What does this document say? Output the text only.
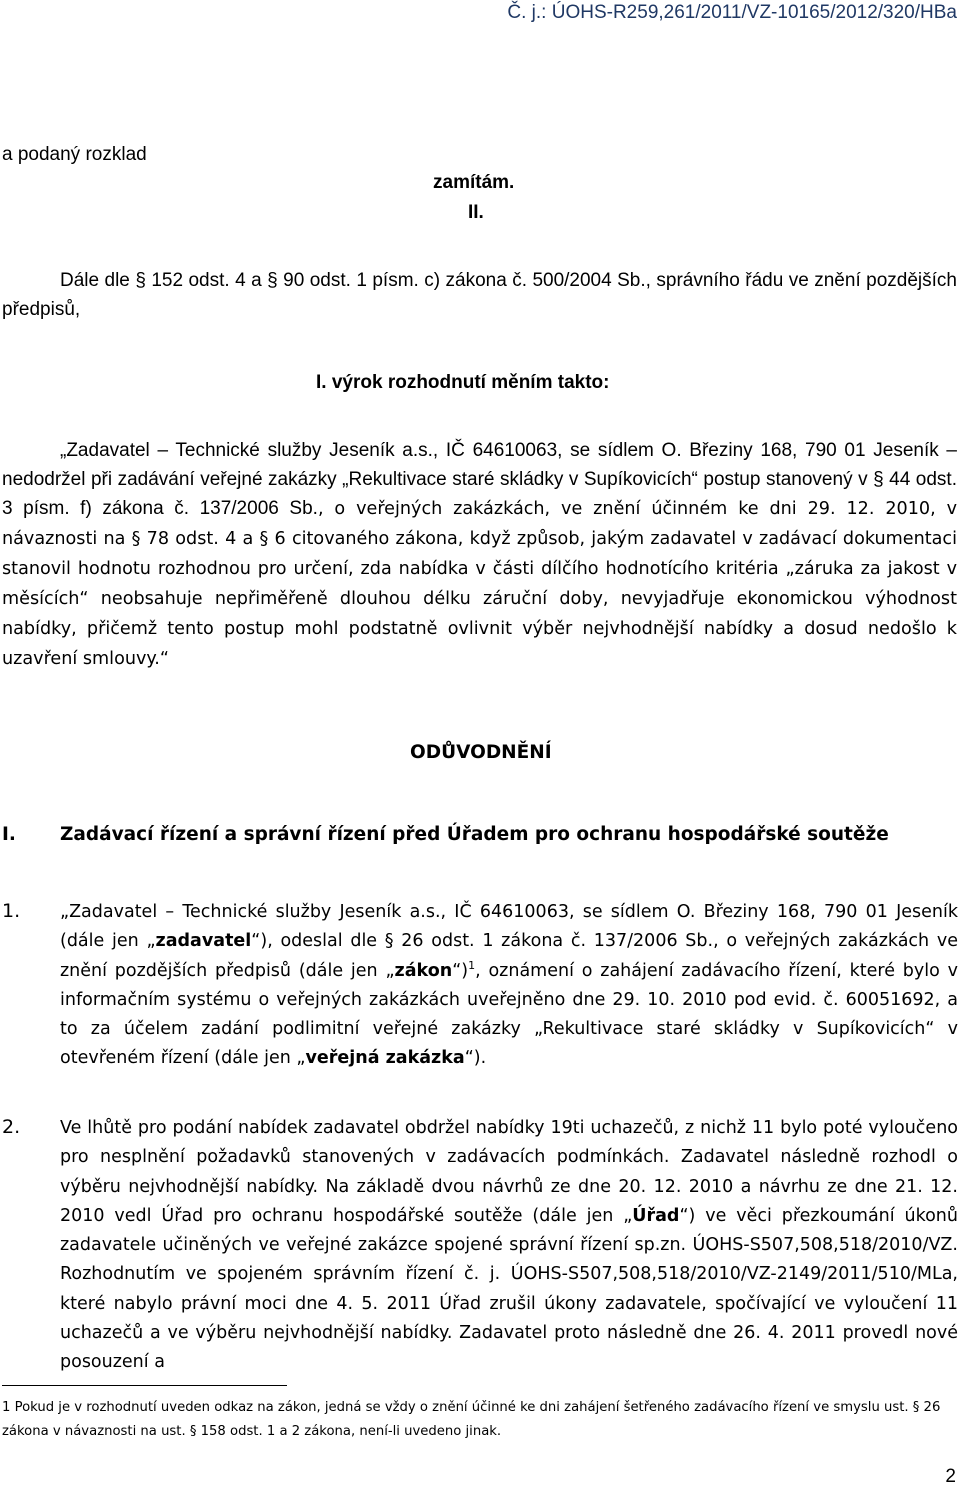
Č. j.: ÚOHS-R259,261/2011/VZ-10165/2012/320/HBa

a podaný rozklad

zamítám.
II.

Dále dle § 152 odst. 4 a § 90 odst. 1 písm. c) zákona č. 500/2004 Sb., správního řádu ve znění pozdějších předpisů,

I. výrok rozhodnutí měním takto:

„Zadavatel – Technické služby Jeseník a.s., IČ 64610063, se sídlem O. Březiny 168, 790 01 Jeseník – nedodržel při zadávání veřejné zakázky „Rekultivace staré skládky v Supíkovicích“ postup stanovený v § 44 odst. 3 písm. f) zákona č. 137/2006 Sb., o veřejných zakázkách, ve znění účinném ke dni 29. 12. 2010, v návaznosti na § 78 odst. 4 a § 6 citovaného zákona, když způsob, jakým zadavatel v zadávací dokumentaci stanovil hodnotu rozhodnou pro určení, zda nabídka v části dílčího hodnotícího kritéria „záruka za jakost v měsících“ neobsahuje nepřiměřeně dlouhou délku záruční doby, nevyjadřuje ekonomickou výhodnost nabídky, přičemž tento postup mohl podstatně ovlivnit výběr nejvhodnější nabídky a dosud nedošlo k uzavření smlouvy.“

ODŮVODNĚNÍ
I. Zadávací řízení a správní řízení před Úřadem pro ochranu hospodářské soutěže
1. „Zadavatel – Technické služby Jeseník a.s., IČ 64610063, se sídlem O. Březiny 168, 790 01 Jeseník (dále jen „zadavatel“), odeslal dle § 26 odst. 1 zákona č. 137/2006 Sb., o veřejných zakázkách ve znění pozdějších předpisů (dále jen „zákon“)$^1$, oznámení o zahájení zadávacího řízení, které bylo v informačním systému o veřejných zakázkách uveřejněno dne 29. 10. 2010 pod evid. č. 60051692, a to za účelem zadání podlimitní veřejné zakázky „Rekultivace staré skládky v Supíkovicích“ v otevřeném řízení (dále jen „veřejná zakázka“).

2. Ve lhůtě pro podání nabídek zadavatel obdržel nabídky 19ti uchazečů, z nichž 11 bylo poté vyloučeno pro nesplnění požadavků stanovených v zadávacích podmínkách. Zadavatel následně rozhodl o výběru nejvhodnější nabídky. Na základě dvou návrhů ze dne 20. 12. 2010 a návrhu ze dne 21. 12. 2010 vedl Úřad pro ochranu hospodářské soutěže (dále jen „Úřad“) ve věci přezkoumání úkonů zadavatele učiněných ve veřejné zakázce spojené správní řízení sp.zn. ÚOHS-S507,508,518/2010/VZ. Rozhodnutím ve spojeném správním řízení č. j. ÚOHS-S507,508,518/2010/VZ-2149/2011/510/MLa, které nabylo právní moci dne 4. 5. 2011 Úřad zrušil úkony zadavatele, spočívající ve vyloučení 11 uchazečů a ve výběru nejvhodnější nabídky. Zadavatel proto následně dne 26. 4. 2011 provedl nové posouzení a

1 Pokud je v rozhodnutí uveden odkaz na zákon, jedná se vždy o znění účinné ke dni zahájení šetřeného zadávacího řízení ve smyslu ust. § 26 zákona v návaznosti na ust. § 158 odst. 1 a 2 zákona, není-li uvedeno jinak.

2
